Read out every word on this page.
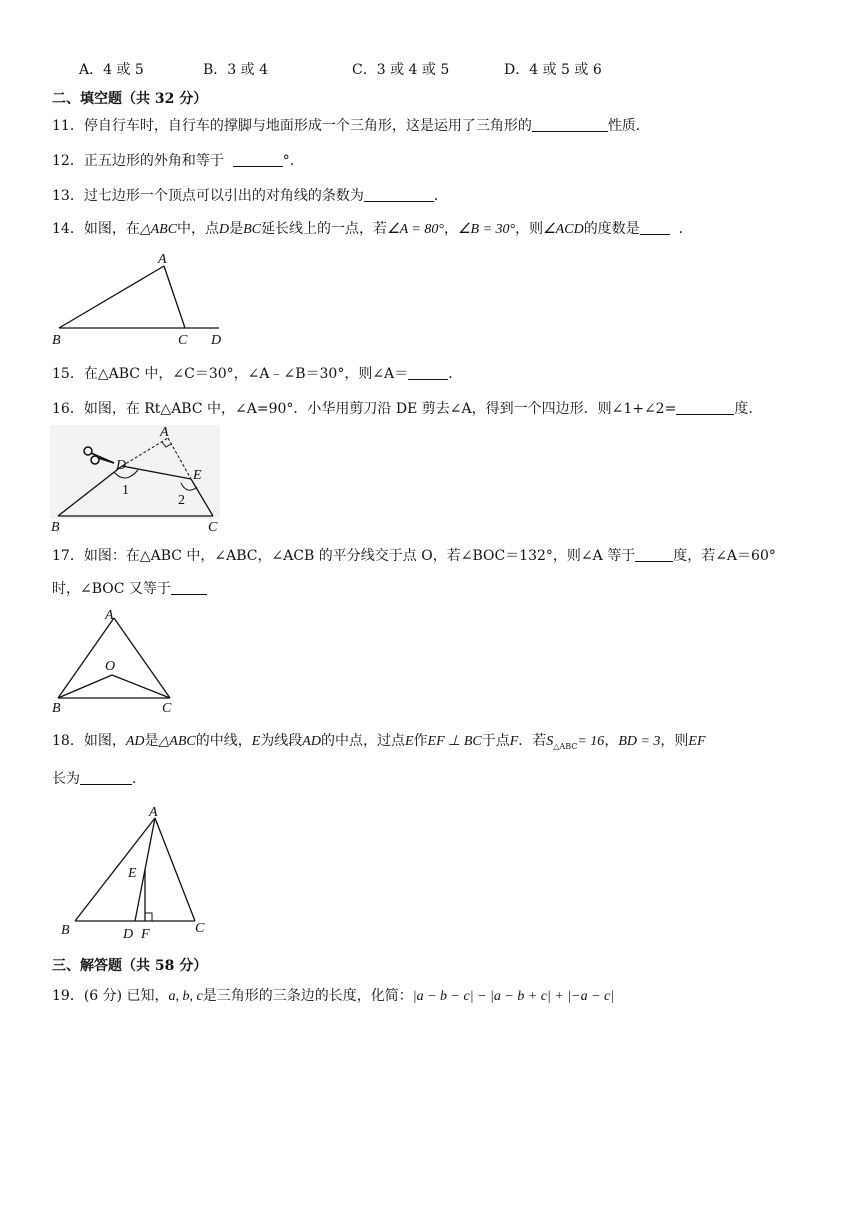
A．4 或 5	B．3 或 4	C．3 或 4 或 5	D．4 或 5 或 6
二、填空题（共 32 分）
11．停自行车时，自行车的撑脚与地面形成一个三角形，这是运用了三角形的	性质．
12．正五边形的外角和等于	°.
13．过七边形一个顶点可以引出的对角线的条数为	．
14．如图，在△ABC中，点D是BC延长线上的一点，若∠A = 80°，∠B = 30°，则∠ACD的度数是	．
A
B	C D
15．在△ABC 中，∠C＝30°，∠A﹣∠B＝30°，则∠A＝	．
16．如图，在 Rt△ABC 中，∠A=90°．小华用剪刀沿 DE 剪去∠A，得到一个四边形．则∠1+∠2=	度．
A
D
E
1
2
B	C
17．如图：在△ABC 中，∠ABC，∠ACB 的平分线交于点 O，若∠BOC＝132°，则∠A 等于	度，若∠A＝60°
时，∠BOC 又等于
A
O
B	C
18．如图，AD是△ABC的中线，E为线段AD的中点，过点E作EF ⊥ BC于点F．若$S_{\triangle ABC}= 16$，BD = 3，则EF
长为	．
A
E
B	D F	C
三、解答题（共 58 分）
19．(6 分) 已知，a, b, c是三角形的三条边的长度，化简：|a − b − c| − |a − b + c| + |−a − c|
